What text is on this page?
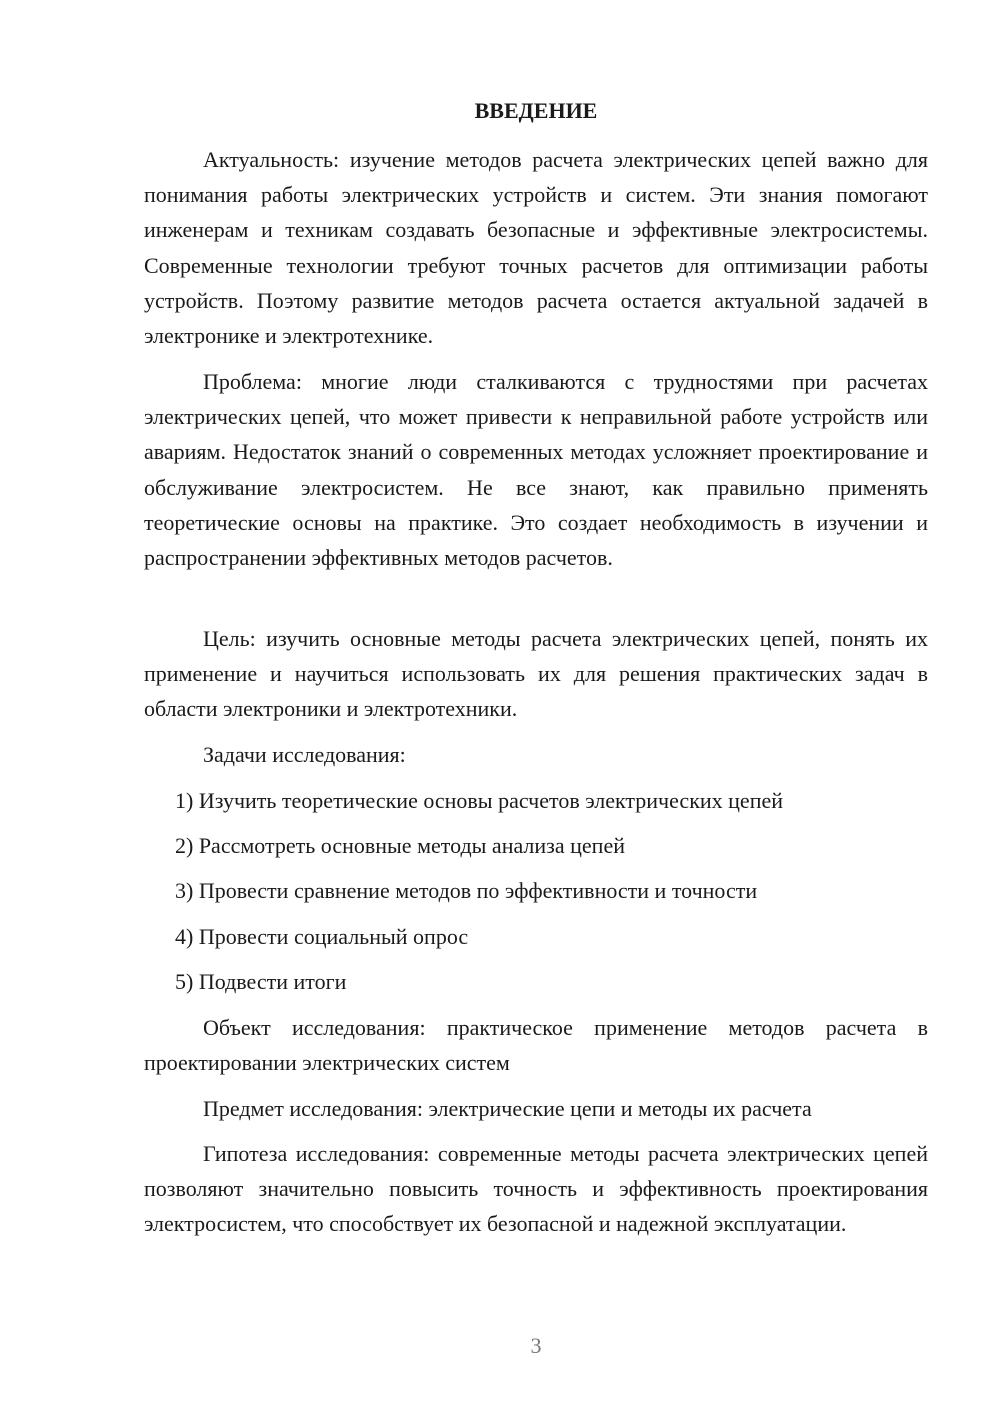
ВВЕДЕНИЕ

Актуальность: изучение методов расчета электрических цепей важно для понимания работы электрических устройств и систем. Эти знания помогают инженерам и техникам создавать безопасные и эффективные электросистемы. Современные технологии требуют точных расчетов для оптимизации работы устройств. Поэтому развитие методов расчета остается актуальной задачей в электронике и электротехнике.

Проблема: многие люди сталкиваются с трудностями при расчетах электрических цепей, что может привести к неправильной работе устройств или авариям. Недостаток знаний о современных методах усложняет проектирование и обслуживание электросистем. Не все знают, как правильно применять теоретические основы на практике. Это создает необходимость в изучении и распространении эффективных методов расчетов.

Цель: изучить основные методы расчета электрических цепей, понять их применение и научиться использовать их для решения практических задач в области электроники и электротехники.

Задачи исследования:

1) Изучить теоретические основы расчетов электрических цепей

2) Рассмотреть основные методы анализа цепей

3) Провести сравнение методов по эффективности и точности

4) Провести социальный опрос

5) Подвести итоги

Объект исследования: практическое применение методов расчета в проектировании электрических систем

Предмет исследования: электрические цепи и методы их расчета

Гипотеза исследования: современные методы расчета электрических цепей позволяют значительно повысить точность и эффективность проектирования электросистем, что способствует их безопасной и надежной эксплуатации.

3
